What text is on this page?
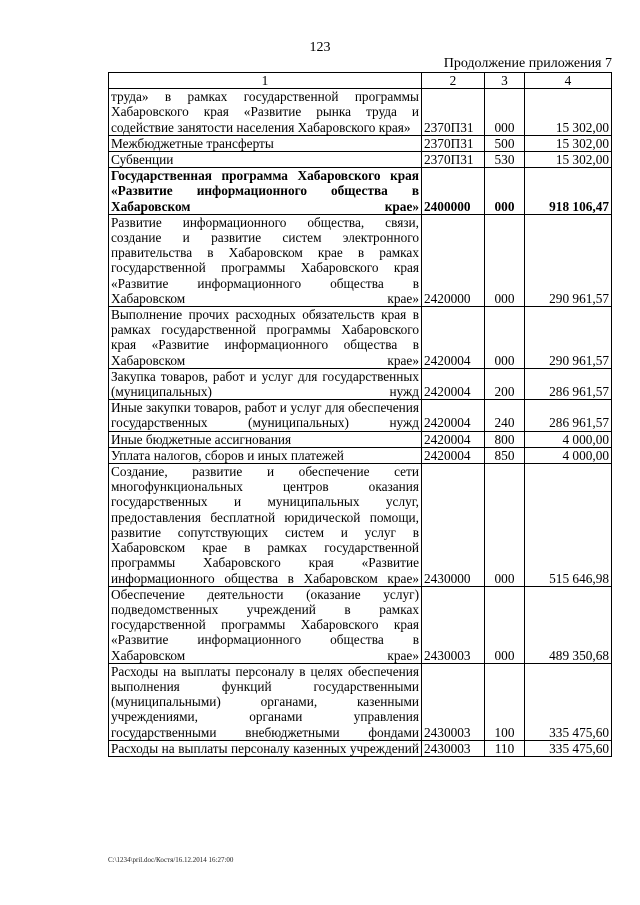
123
Продолжение приложения 7
1	2	3	4
труда» в рамках государственной программы Хабаровского края «Развитие рынка труда и содействие занятости населения Хабаровского края»	2370П31	000	15 302,00
Межбюджетные трансферты	2370П31	500	15 302,00
Субвенции	2370П31	530	15 302,00
Государственная программа Хабаровского края «Развитие информационного общества в Хабаровском крае»	2400000	000	918 106,47
Развитие информационного общества, связи, создание и развитие систем электронного правительства в Хабаровском крае в рамках государственной программы Хабаровского края «Развитие информационного общества в Хабаровском крае»	2420000	000	290 961,57
Выполнение прочих расходных обязательств края в рамках государственной программы Хабаровского края «Развитие информационного общества в Хабаровском крае»	2420004	000	290 961,57
Закупка товаров, работ и услуг для государственных (муниципальных) нужд	2420004	200	286 961,57
Иные закупки товаров, работ и услуг для обеспечения государственных (муниципальных) нужд	2420004	240	286 961,57
Иные бюджетные ассигнования	2420004	800	4 000,00
Уплата налогов, сборов и иных платежей	2420004	850	4 000,00
Создание, развитие и обеспечение сети многофункциональных центров оказания государственных и муниципальных услуг, предоставления бесплатной юридической помощи, развитие сопутствующих систем и услуг в Хабаровском крае в рамках государственной программы Хабаровского края «Развитие информационного общества в Хабаровском крае»	2430000	000	515 646,98
Обеспечение деятельности (оказание услуг) подведомственных учреждений в рамках государственной программы Хабаровского края «Развитие информационного общества в Хабаровском крае»	2430003	000	489 350,68
Расходы на выплаты персоналу в целях обеспечения выполнения функций государственными (муниципальными) органами, казенными учреждениями, органами управления государственными внебюджетными фондами	2430003	100	335 475,60
Расходы на выплаты персоналу казенных учреждений	2430003	110	335 475,60
C:\1234\pril.doc/Костя/16.12.2014 16:27:00
